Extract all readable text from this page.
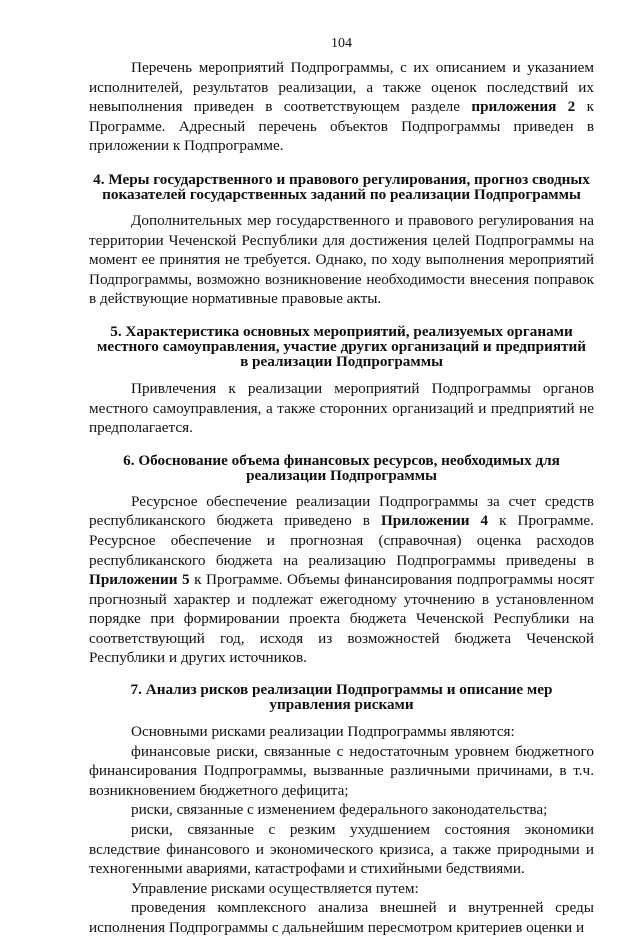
104

Перечень мероприятий Подпрограммы, с их описанием и указанием исполнителей, результатов реализации, а также оценок последствий их невыполнения приведен в соответствующем разделе приложения 2 к Программе. Адресный перечень объектов Подпрограммы приведен в приложении к Подпрограмме.

4. Меры государственного и правового регулирования, прогноз сводных
показателей государственных заданий по реализации Подпрограммы

Дополнительных мер государственного и правового регулирования на территории Чеченской Республики для достижения целей Подпрограммы на момент ее принятия не требуется. Однако, по ходу выполнения мероприятий Подпрограммы, возможно возникновение необходимости внесения поправок в действующие нормативные правовые акты.

5. Характеристика основных мероприятий, реализуемых органами
местного самоуправления, участие других организаций и предприятий
в реализации Подпрограммы

Привлечения к реализации мероприятий Подпрограммы органов местного самоуправления, а также сторонних организаций и предприятий не предполагается.

6. Обоснование объема финансовых ресурсов, необходимых для
реализации Подпрограммы

Ресурсное обеспечение реализации Подпрограммы за счет средств республиканского бюджета приведено в Приложении 4 к Программе. Ресурсное обеспечение и прогнозная (справочная) оценка расходов республиканского бюджета на реализацию Подпрограммы приведены в Приложении 5 к Программе. Объемы финансирования подпрограммы носят прогнозный характер и подлежат ежегодному уточнению в установленном порядке при формировании проекта бюджета Чеченской Республики на соответствующий год, исходя из возможностей бюджета Чеченской Республики и других источников.

7. Анализ рисков реализации Подпрограммы и описание мер
управления рисками

Основными рисками реализации Подпрограммы являются:

финансовые риски, связанные с недостаточным уровнем бюджетного финансирования Подпрограммы, вызванные различными причинами, в т.ч. возникновением бюджетного дефицита;

риски, связанные с изменением федерального законодательства;

риски, связанные с резким ухудшением состояния экономики вследствие финансового и экономического кризиса, а также природными и техногенными авариями, катастрофами и стихийными бедствиями.

Управление рисками осуществляется путем:

проведения комплексного анализа внешней и внутренней среды исполнения Подпрограммы с дальнейшим пересмотром критериев оценки и
